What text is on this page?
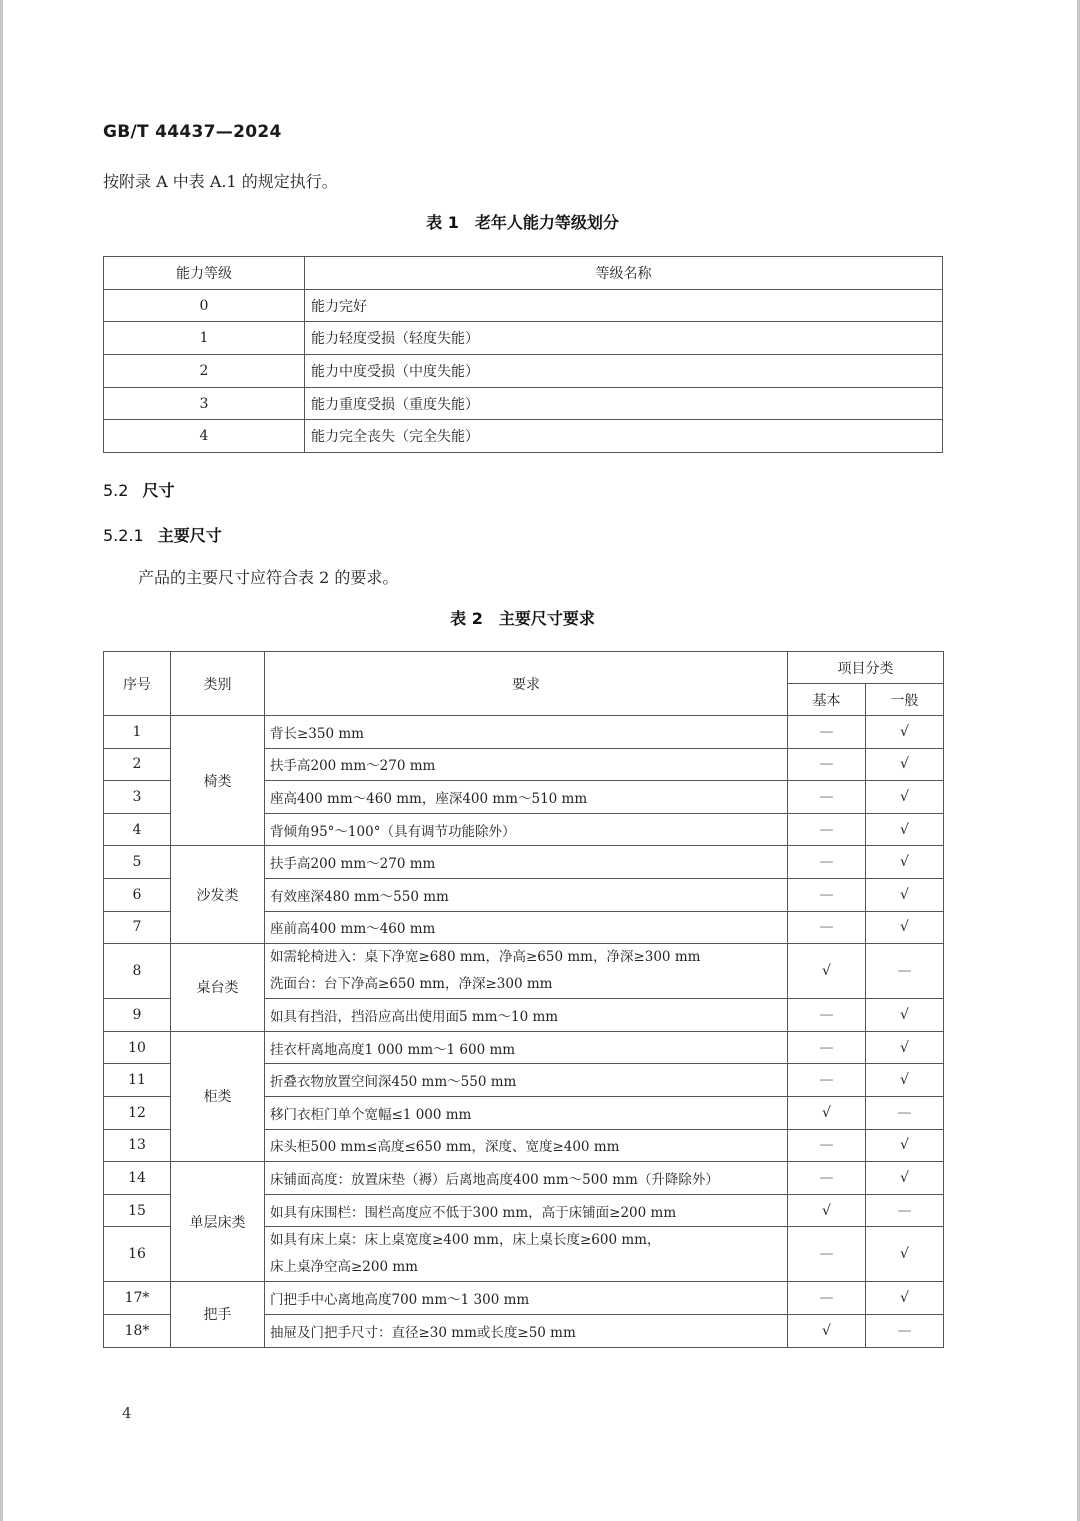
GB/T 44437—2024
按附录 A 中表 A.1 的规定执行。
表 1　老年人能力等级划分
能力等级	等级名称
0	能力完好
1	能力轻度受损（轻度失能）
2	能力中度受损（中度失能）
3	能力重度受损（重度失能）
4	能力完全丧失（完全失能）
5.2 尺寸
5.2.1 主要尺寸
产品的主要尺寸应符合表 2 的要求。
表 2　主要尺寸要求
序号	类别	要求	项目分类	
			基本	一般
1	椅类	背长≥350 mm	—	√
2		扶手高200 mm～270 mm	—	√
3		座高400 mm～460 mm，座深400 mm～510 mm	—	√
4		背倾角95°～100°（具有调节功能除外）	—	√
5	沙发类	扶手高200 mm～270 mm	—	√
6		有效座深480 mm～550 mm	—	√
7		座前高400 mm～460 mm	—	√
8	桌台类	如需轮椅进入：桌下净宽≥680 mm，净高≥650 mm，净深≥300 mm
洗面台：台下净高≥650 mm，净深≥300 mm	√	—
9		如具有挡沿，挡沿应高出使用面5 mm～10 mm	—	√
10	柜类	挂衣杆离地高度1 000 mm～1 600 mm	—	√
11		折叠衣物放置空间深450 mm～550 mm	—	√
12		移门衣柜门单个宽幅≤1 000 mm	√	—
13		床头柜500 mm≤高度≤650 mm，深度、宽度≥400 mm	—	√
14	单层床类	床铺面高度：放置床垫（褥）后离地高度400 mm～500 mm（升降除外）	—	√
15		如具有床围栏：围栏高度应不低于300 mm，高于床铺面≥200 mm	√	—
16		如具有床上桌：床上桌宽度≥400 mm，床上桌长度≥600 mm，
床上桌净空高≥200 mm	—	√
17*	把手	门把手中心离地高度700 mm～1 300 mm	—	√
18*		抽屉及门把手尺寸：直径≥30 mm或长度≥50 mm	√	—
4
